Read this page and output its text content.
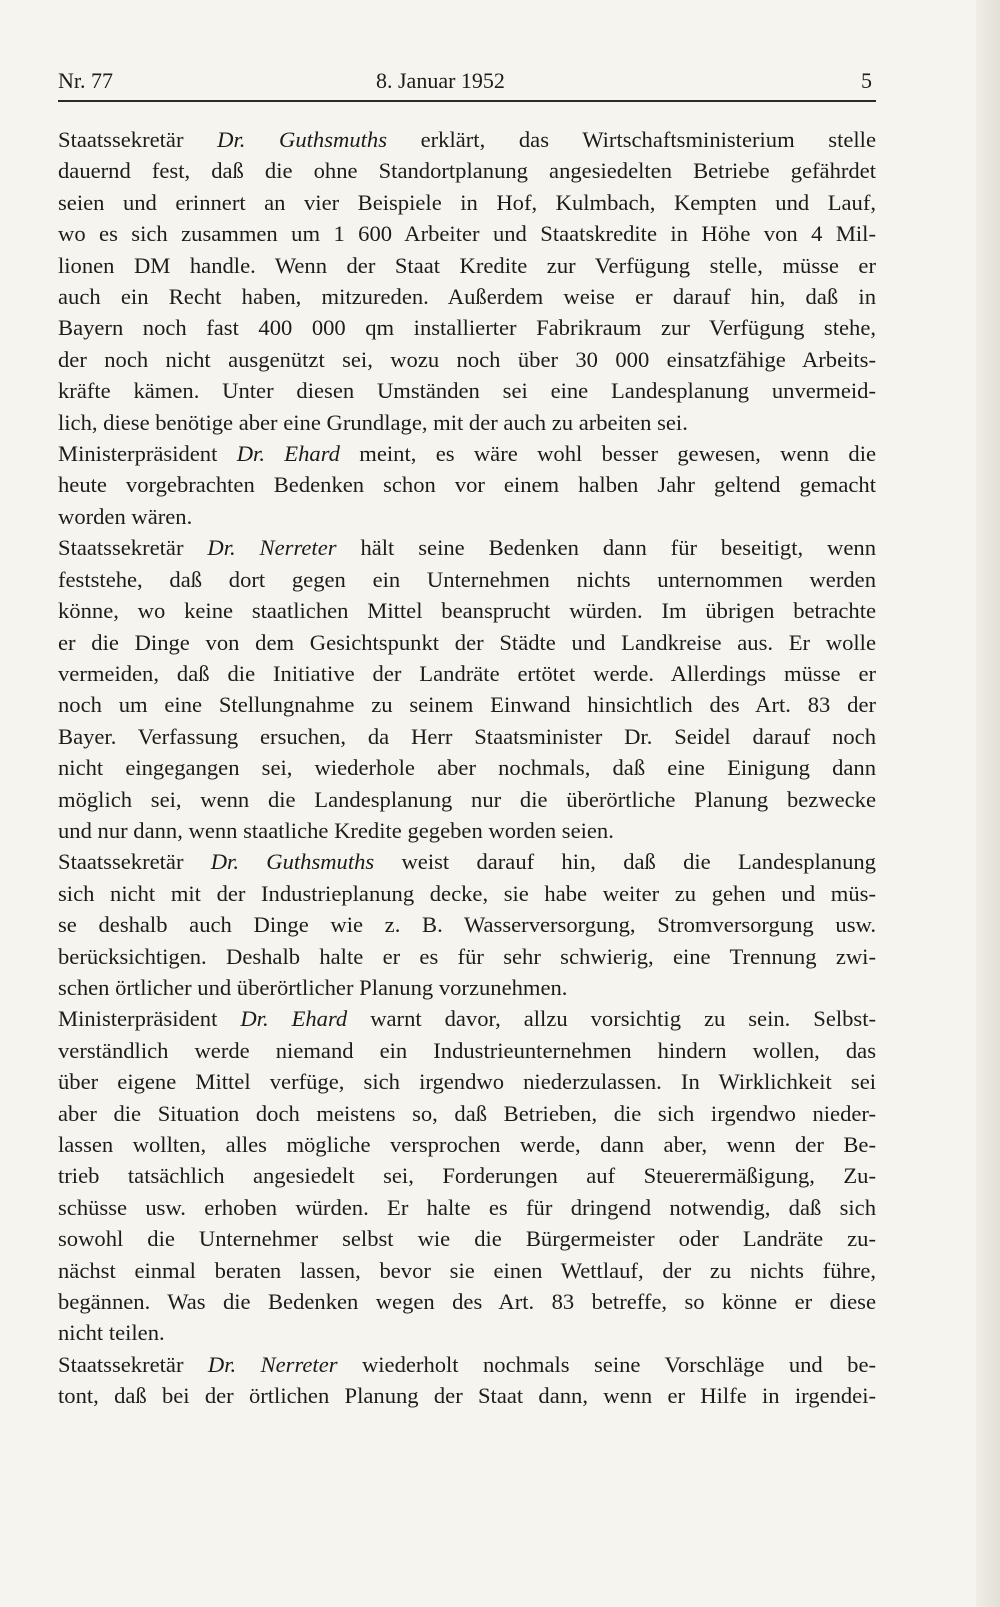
Nr. 77	8. Januar 1952	5
Staatssekretär Dr. Guthsmuths erklärt, das Wirtschaftsministerium stelle
dauernd fest, daß die ohne Standortplanung angesiedelten Betriebe gefährdet
seien und erinnert an vier Beispiele in Hof, Kulmbach, Kempten und Lauf,
wo es sich zusammen um 1 600 Arbeiter und Staatskredite in Höhe von 4 Mil-
lionen DM handle. Wenn der Staat Kredite zur Verfügung stelle, müsse er
auch ein Recht haben, mitzureden. Außerdem weise er darauf hin, daß in
Bayern noch fast 400 000 qm installierter Fabrikraum zur Verfügung stehe,
der noch nicht ausgenützt sei, wozu noch über 30 000 einsatzfähige Arbeits-
kräfte kämen. Unter diesen Umständen sei eine Landesplanung unvermeid-
lich, diese benötige aber eine Grundlage, mit der auch zu arbeiten sei.
Ministerpräsident Dr. Ehard meint, es wäre wohl besser gewesen, wenn die
heute vorgebrachten Bedenken schon vor einem halben Jahr geltend gemacht
worden wären.
Staatssekretär Dr. Nerreter hält seine Bedenken dann für beseitigt, wenn
feststehe, daß dort gegen ein Unternehmen nichts unternommen werden
könne, wo keine staatlichen Mittel beansprucht würden. Im übrigen betrachte
er die Dinge von dem Gesichtspunkt der Städte und Landkreise aus. Er wolle
vermeiden, daß die Initiative der Landräte ertötet werde. Allerdings müsse er
noch um eine Stellungnahme zu seinem Einwand hinsichtlich des Art. 83 der
Bayer. Verfassung ersuchen, da Herr Staatsminister Dr. Seidel darauf noch
nicht eingegangen sei, wiederhole aber nochmals, daß eine Einigung dann
möglich sei, wenn die Landesplanung nur die überörtliche Planung bezwecke
und nur dann, wenn staatliche Kredite gegeben worden seien.
Staatssekretär Dr. Guthsmuths weist darauf hin, daß die Landesplanung
sich nicht mit der Industrieplanung decke, sie habe weiter zu gehen und müs-
se deshalb auch Dinge wie z. B. Wasserversorgung, Stromversorgung usw.
berücksichtigen. Deshalb halte er es für sehr schwierig, eine Trennung zwi-
schen örtlicher und überörtlicher Planung vorzunehmen.
Ministerpräsident Dr. Ehard warnt davor, allzu vorsichtig zu sein. Selbst-
verständlich werde niemand ein Industrieunternehmen hindern wollen, das
über eigene Mittel verfüge, sich irgendwo niederzulassen. In Wirklichkeit sei
aber die Situation doch meistens so, daß Betrieben, die sich irgendwo nieder-
lassen wollten, alles mögliche versprochen werde, dann aber, wenn der Be-
trieb tatsächlich angesiedelt sei, Forderungen auf Steuerermäßigung, Zu-
schüsse usw. erhoben würden. Er halte es für dringend notwendig, daß sich
sowohl die Unternehmer selbst wie die Bürgermeister oder Landräte zu-
nächst einmal beraten lassen, bevor sie einen Wettlauf, der zu nichts führe,
begännen. Was die Bedenken wegen des Art. 83 betreffe, so könne er diese
nicht teilen.
Staatssekretär Dr. Nerreter wiederholt nochmals seine Vorschläge und be-
tont, daß bei der örtlichen Planung der Staat dann, wenn er Hilfe in irgendei-
